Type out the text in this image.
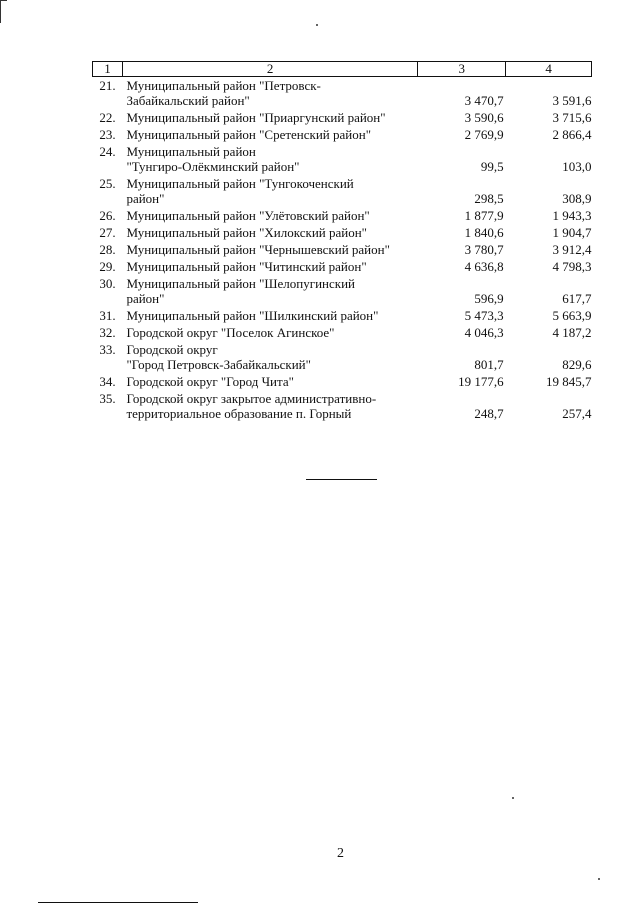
1	2	3	4
21.	Муниципальный район "Петровск-
Забайкальский район"	3 470,7	3 591,6
22.	Муниципальный район "Приаргунский район"	3 590,6	3 715,6
23.	Муниципальный район "Сретенский район"	2 769,9	2 866,4
24.	Муниципальный район
"Тунгиро-Олёкминский район"	99,5	103,0
25.	Муниципальный район "Тунгокоченский
район"	298,5	308,9
26.	Муниципальный район "Улётовский район"	1 877,9	1 943,3
27.	Муниципальный район "Хилокский район"	1 840,6	1 904,7
28.	Муниципальный район "Чернышевский район"	3 780,7	3 912,4
29.	Муниципальный район "Читинский район"	4 636,8	4 798,3
30.	Муниципальный район "Шелопугинский
район"	596,9	617,7
31.	Муниципальный район "Шилкинский район"	5 473,3	5 663,9
32.	Городской округ "Поселок Агинское"	4 046,3	4 187,2
33.	Городской округ
"Город Петровск-Забайкальский"	801,7	829,6
34.	Городской округ "Город Чита"	19 177,6	19 845,7
35.	Городской округ закрытое административно-
территориальное образование п. Горный	248,7	257,4
2
